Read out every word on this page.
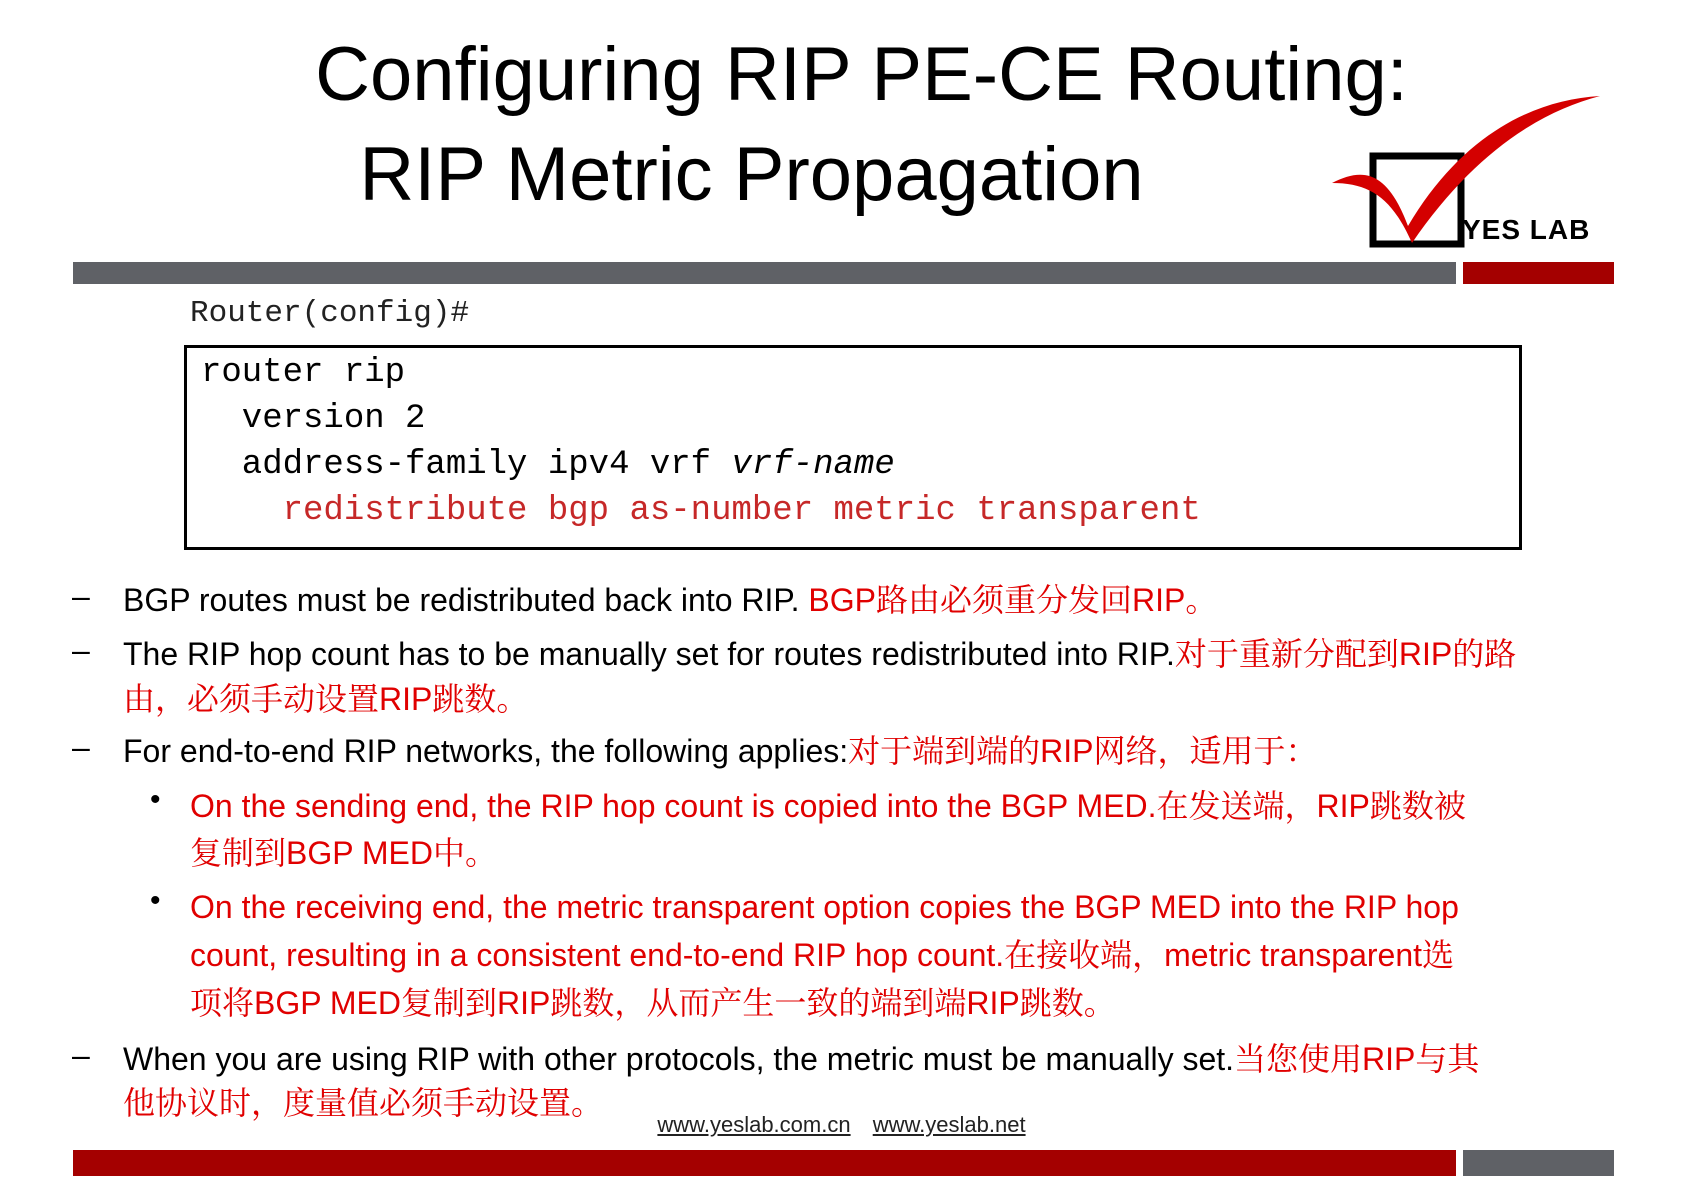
Configuring RIP PE-CE Routing:
RIP Metric Propagation
YES LAB
Router(config)#
router rip
version 2
address-family ipv4 vrf vrf-name
redistribute bgp as-number metric transparent
– BGP routes must be redistributed back into RIP. BGP路由必须重分发回RIP。
– The RIP hop count has to be manually set for routes redistributed into RIP.对于重新分配到RIP的路
由，必须手动设置RIP跳数。
– For end-to-end RIP networks, the following applies:对于端到端的RIP网络，适用于：
• On the sending end, the RIP hop count is copied into the BGP MED.在发送端，RIP跳数被
复制到BGP MED中。
• On the receiving end, the metric transparent option copies the BGP MED into the RIP hop
count, resulting in a consistent end-to-end RIP hop count.在接收端，metric transparent选
项将BGP MED复制到RIP跳数，从而产生一致的端到端RIP跳数。
– When you are using RIP with other protocols, the metric must be manually set.当您使用RIP与其
他协议时，度量值必须手动设置。
www.yeslab.com.cn www.yeslab.net
